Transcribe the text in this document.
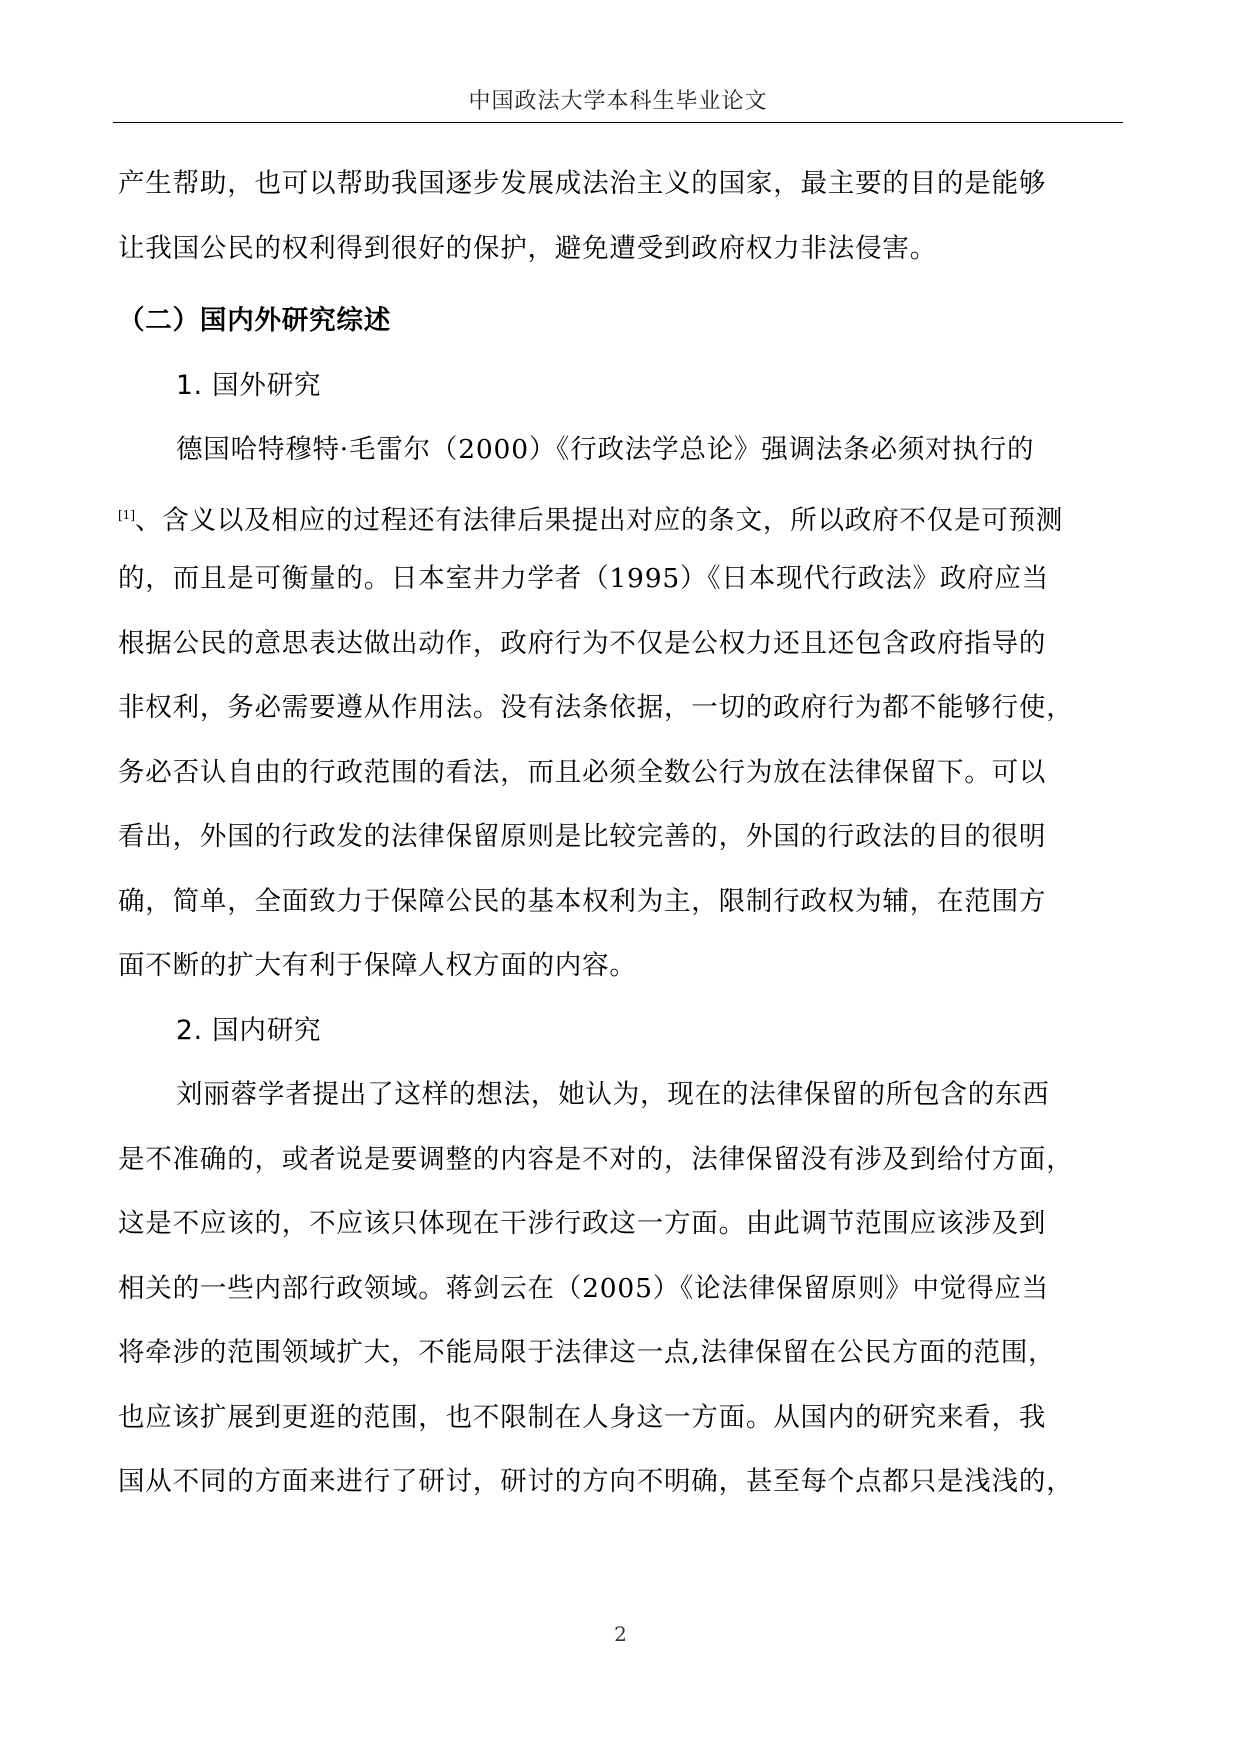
中国政法大学本科生毕业论文
产生帮助，也可以帮助我国逐步发展成法治主义的国家，最主要的目的是能够
让我国公民的权利得到很好的保护，避免遭受到政府权力非法侵害。
（二）国内外研究综述
1. 国外研究
德国哈特穆特·毛雷尔（2000）《行政法学总论》强调法条必须对执行的
[1]、含义以及相应的过程还有法律后果提出对应的条文，所以政府不仅是可预测
的，而且是可衡量的。日本室井力学者（1995）《日本现代行政法》政府应当
根据公民的意思表达做出动作，政府行为不仅是公权力还且还包含政府指导的
非权利，务必需要遵从作用法。没有法条依据，一切的政府行为都不能够行使，
务必否认自由的行政范围的看法，而且必须全数公行为放在法律保留下。可以
看出，外国的行政发的法律保留原则是比较完善的，外国的行政法的目的很明
确，简单，全面致力于保障公民的基本权利为主，限制行政权为辅，在范围方
面不断的扩大有利于保障人权方面的内容。
2. 国内研究
刘丽蓉学者提出了这样的想法，她认为，现在的法律保留的所包含的东西
是不准确的，或者说是要调整的内容是不对的，法律保留没有涉及到给付方面，
这是不应该的，不应该只体现在干涉行政这一方面。由此调节范围应该涉及到
相关的一些内部行政领域。蒋剑云在（2005）《论法律保留原则》中觉得应当
将牵涉的范围领域扩大，不能局限于法律这一点,法律保留在公民方面的范围，
也应该扩展到更逛的范围，也不限制在人身这一方面。从国内的研究来看，我
国从不同的方面来进行了研讨，研讨的方向不明确，甚至每个点都只是浅浅的，
2
